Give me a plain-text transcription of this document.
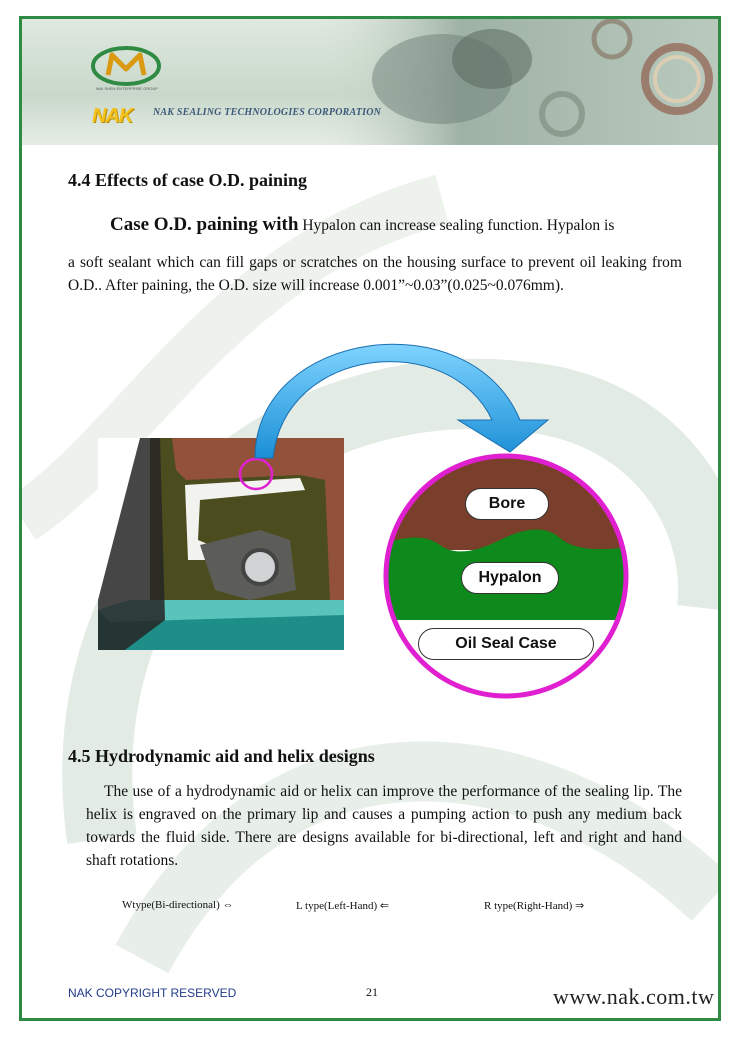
MAI SHEN ENTERPRISE GROUP
NAK NAK SEALING TECHNOLOGIES CORPORATION
4.4 Effects of case O.D. paining

Case O.D. paining with Hypalon can increase sealing function. Hypalon is

a soft sealant which can fill gaps or scratches on the housing surface to prevent oil leaking from O.D.. After paining, the O.D. size will increase 0.001”~0.03”(0.025~0.076mm).

Bore
Hypalon
Oil Seal Case
4.5 Hydrodynamic aid and helix designs

The use of a hydrodynamic aid or helix can improve the performance of the sealing lip. The helix is engraved on the primary lip and causes a pumping action to push any medium back towards the fluid side. There are designs available for bi-directional, left and right and hand shaft rotations.

Wtype(Bi-directional) ⇔	L type(Left-Hand) ⇐	R type(Right-Hand) ⇒
NAK COPYRIGHT RESERVED	21	www.nak.com.tw
